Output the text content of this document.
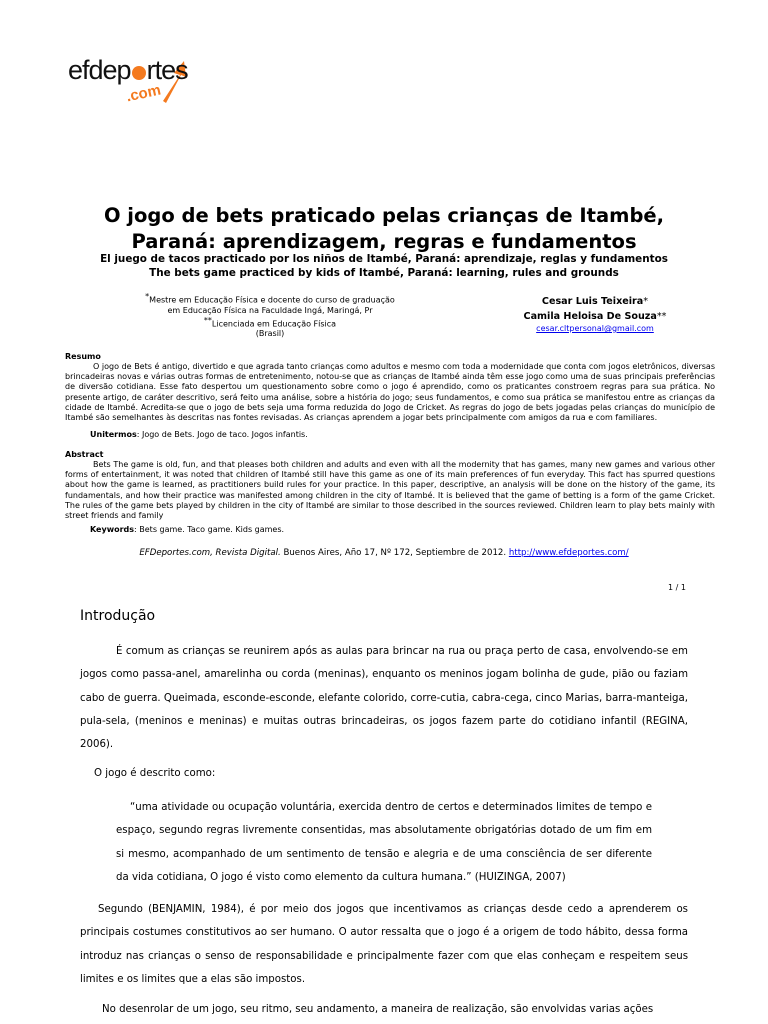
efdep rtes
.com
O jogo de bets praticado pelas crianças de Itambé,
Paraná: aprendizagem, regras e fundamentos
El juego de tacos practicado por los niños de Itambé, Paraná: aprendizaje, reglas y fundamentos
The bets game practiced by kids of Itambé, Paraná: learning, rules and grounds
*Mestre em Educação Física e docente do curso de graduação
em Educação Física na Faculdade Ingá, Maringá, Pr
**Licenciada em Educação Física
(Brasil)
Cesar Luis Teixeira*
Camila Heloisa De Souza**
cesar.cltpersonal@gmail.com
Resumo
O jogo de Bets é antigo, divertido e que agrada tanto crianças como adultos e mesmo com toda a modernidade que conta com jogos eletrônicos, diversas brincadeiras novas e várias outras formas de entretenimento, notou-se que as crianças de Itambé ainda têm esse jogo como uma de suas principais preferências de diversão cotidiana. Esse fato despertou um questionamento sobre como o jogo é aprendido, como os praticantes constroem regras para sua prática. No presente artigo, de caráter descritivo, será feito uma análise, sobre a história do jogo; seus fundamentos, e como sua prática se manifestou entre as crianças da cidade de Itambé. Acredita-se que o jogo de bets seja uma forma reduzida do Jogo de Cricket. As regras do jogo de bets jogadas pelas crianças do município de Itambé são semelhantes às descritas nas fontes revisadas. As crianças aprendem a jogar bets principalmente com amigos da rua e com familiares.
Unitermos: Jogo de Bets. Jogo de taco. Jogos infantis.
Abstract
Bets The game is old, fun, and that pleases both children and adults and even with all the modernity that has games, many new games and various other forms of entertainment, it was noted that children of Itambé still have this game as one of its main preferences of fun everyday. This fact has spurred questions about how the game is learned, as practitioners build rules for your practice. In this paper, descriptive, an analysis will be done on the history of the game, its fundamentals, and how their practice was manifested among children in the city of Itambé. It is believed that the game of betting is a form of the game Cricket. The rules of the game bets played by children in the city of Itambé are similar to those described in the sources reviewed. Children learn to play bets mainly with street friends and family
Keywords: Bets game. Taco game. Kids games.
EFDeportes.com, Revista Digital. Buenos Aires, Año 17, Nº 172, Septiembre de 2012. http://www.efdeportes.com/
1 / 1
Introdução
É comum as crianças se reunirem após as aulas para brincar na rua ou praça perto de casa, envolvendo-se em jogos como passa-anel, amarelinha ou corda (meninas), enquanto os meninos jogam bolinha de gude, pião ou faziam cabo de guerra. Queimada, esconde-esconde, elefante colorido, corre-cutia, cabra-cega, cinco Marias, barra-manteiga, pula-sela, (meninos e meninas) e muitas outras brincadeiras, os jogos fazem parte do cotidiano infantil (REGINA, 2006).
O jogo é descrito como:
“uma atividade ou ocupação voluntária, exercida dentro de certos e determinados limites de tempo e espaço, segundo regras livremente consentidas, mas absolutamente obrigatórias dotado de um fim em si mesmo, acompanhado de um sentimento de tensão e alegria e de uma consciência de ser diferente da vida cotidiana, O jogo é visto como elemento da cultura humana.” (HUIZINGA, 2007)
Segundo (BENJAMIN, 1984), é por meio dos jogos que incentivamos as crianças desde cedo a aprenderem os principais costumes constitutivos ao ser humano. O autor ressalta que o jogo é a origem de todo hábito, dessa forma introduz nas crianças o senso de responsabilidade e principalmente fazer com que elas conheçam e respeitem seus limites e os limites que a elas são impostos.
No desenrolar de um jogo, seu ritmo, seu andamento, a maneira de realização, são envolvidas varias ações
